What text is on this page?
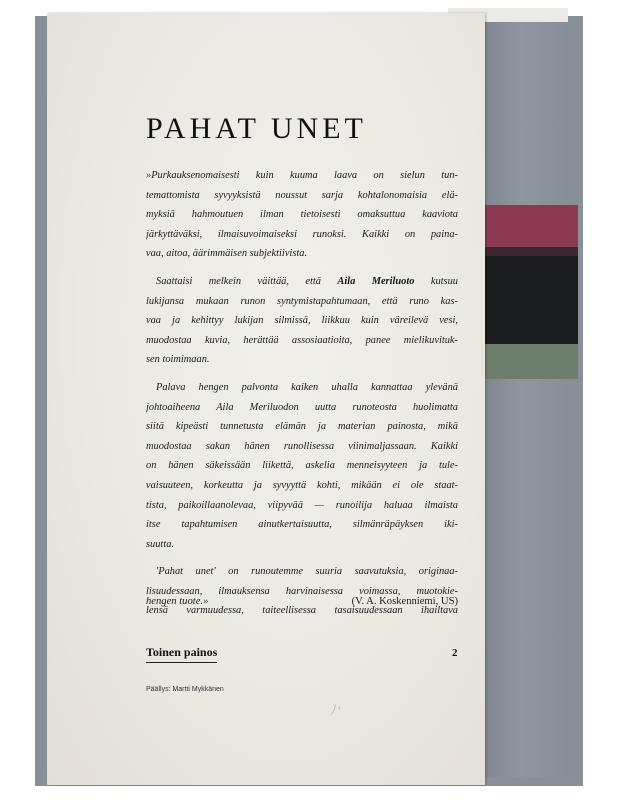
PAHAT UNET
»Purkauksenomaisesti kuin kuuma laava on sielun tun-
temattomista syvyyksistä noussut sarja kohtalonomaisia elä-
myksiä hahmoutuen ilman tietoisesti omaksuttua kaaviota
järkyttäväksi, ilmaisuvoimaiseksi runoksi. Kaikki on paina-
vaa, aitoa, äärimmäisen subjektiivista.
Saattaisi melkein väittää, että Aila Meriluoto kutsuu
lukijansa mukaan runon syntymistapahtumaan, että runo kas-
vaa ja kehittyy lukijan silmissä, liikkuu kuin väreilevä vesi,
muodostaa kuvia, herättää assosiaatioita, panee mielikuvituk-
sen toimimaan.
Palava hengen palvonta kaiken uhalla kannattaa ylevänä
johtoaiheena Aila Meriluodon uutta runoteosta huolimatta
siitä kipeästi tunnetusta elämän ja materian painosta, mikä
muodostaa sakan hänen runollisessa viinimaljassaan. Kaikki
on hänen säkeissään liikettä, askelia menneisyyteen ja tule-
vaisuuteen, korkeutta ja syvyyttä kohti, mikään ei ole staat-
tista, paikoillaanolevaa, viipyvää — runoilija haluaa ilmaista
itse tapahtumisen ainutkertaisuutta, silmänräpäyksen iki-
suutta.
'Pahat unet' on runoutemme suuria saavutuksia, originaa-
lisuudessaan, ilmauksensa harvinaisessa voimassa, muotokie-
lensä varmuudessa, taiteellisessa tasaisuudessaan ihailtava
hengen tuote.»	(V. A. Koskenniemi, US)
Toinen painos	2
Päällys: Martti Mykkänen
ﾉ‘
